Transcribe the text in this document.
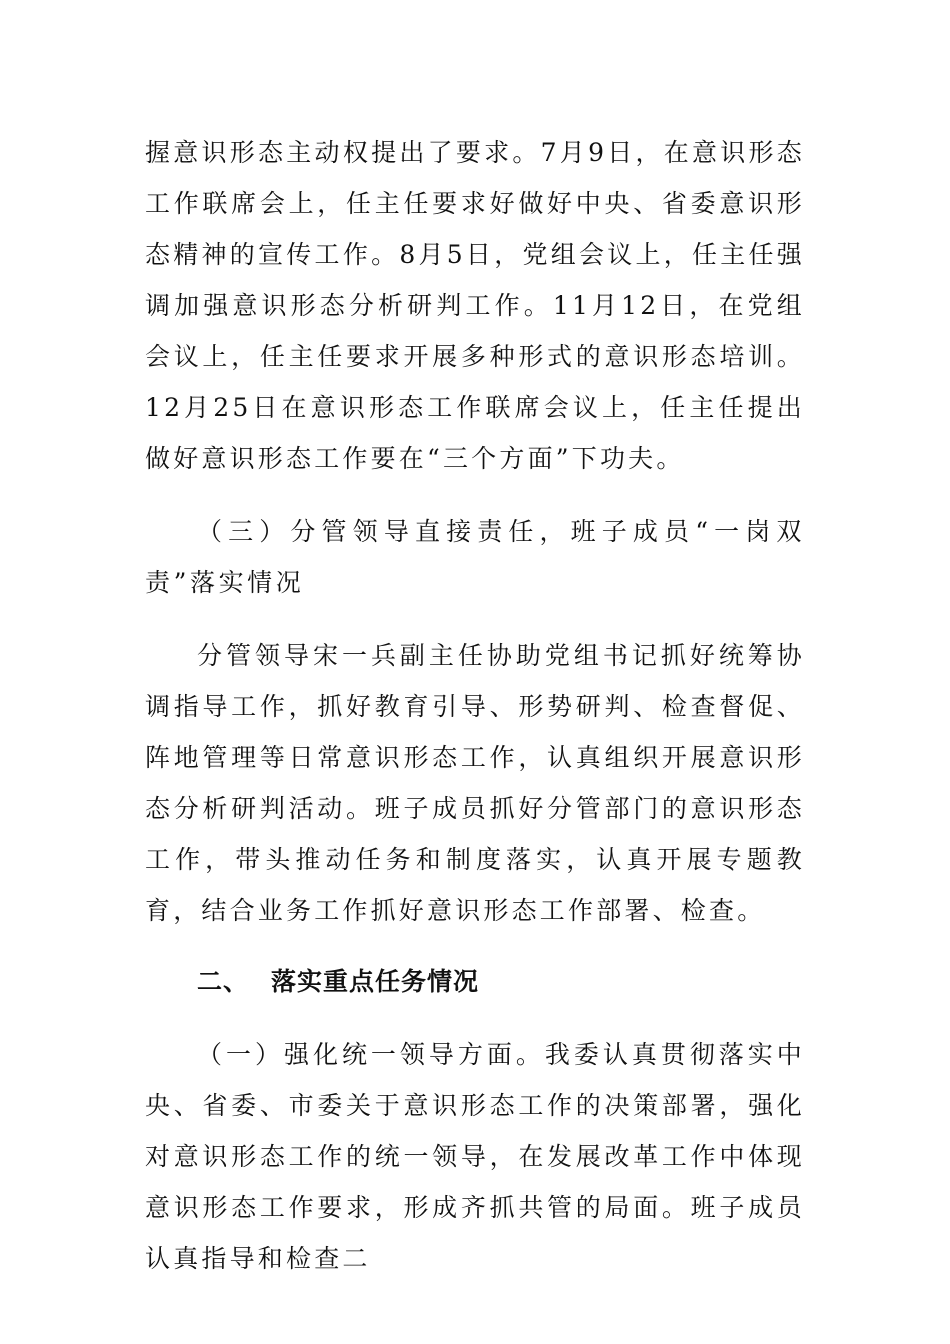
握意识形态主动权提出了要求。7月9日，在意识形态工作联席会上，任主任要求好做好中央、省委意识形态精神的宣传工作。8月5日，党组会议上，任主任强调加强意识形态分析研判工作。11月12日，在党组会议上，任主任要求开展多种形式的意识形态培训。12月25日在意识形态工作联席会议上，任主任提出做好意识形态工作要在“三个方面”下功夫。

（三）分管领导直接责任，班子成员“一岗双责”落实情况

分管领导宋一兵副主任协助党组书记抓好统筹协调指导工作，抓好教育引导、形势研判、检查督促、阵地管理等日常意识形态工作，认真组织开展意识形态分析研判活动。班子成员抓好分管部门的意识形态工作，带头推动任务和制度落实，认真开展专题教育，结合业务工作抓好意识形态工作部署、检查。

二、 落实重点任务情况

（一）强化统一领导方面。我委认真贯彻落实中央、省委、市委关于意识形态工作的决策部署，强化对意识形态工作的统一领导，在发展改革工作中体现意识形态工作要求，形成齐抓共管的局面。班子成员认真指导和检查二
